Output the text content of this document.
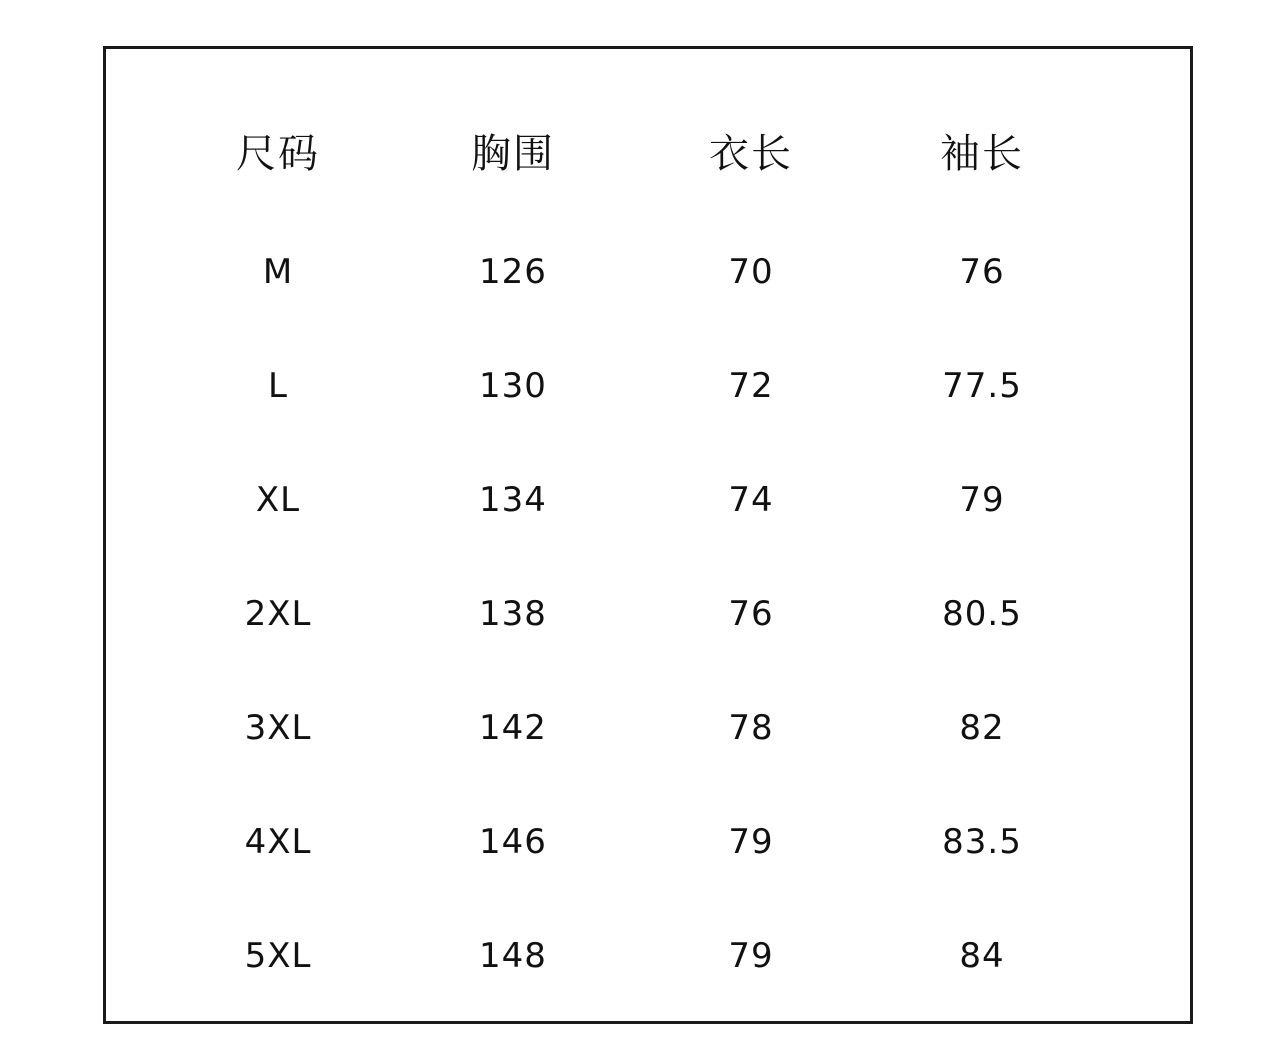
尺码	胸围	衣长	袖长
M	126	70	76
L	130	72	77.5
XL	134	74	79
2XL	138	76	80.5
3XL	142	78	82
4XL	146	79	83.5
5XL	148	79	84
